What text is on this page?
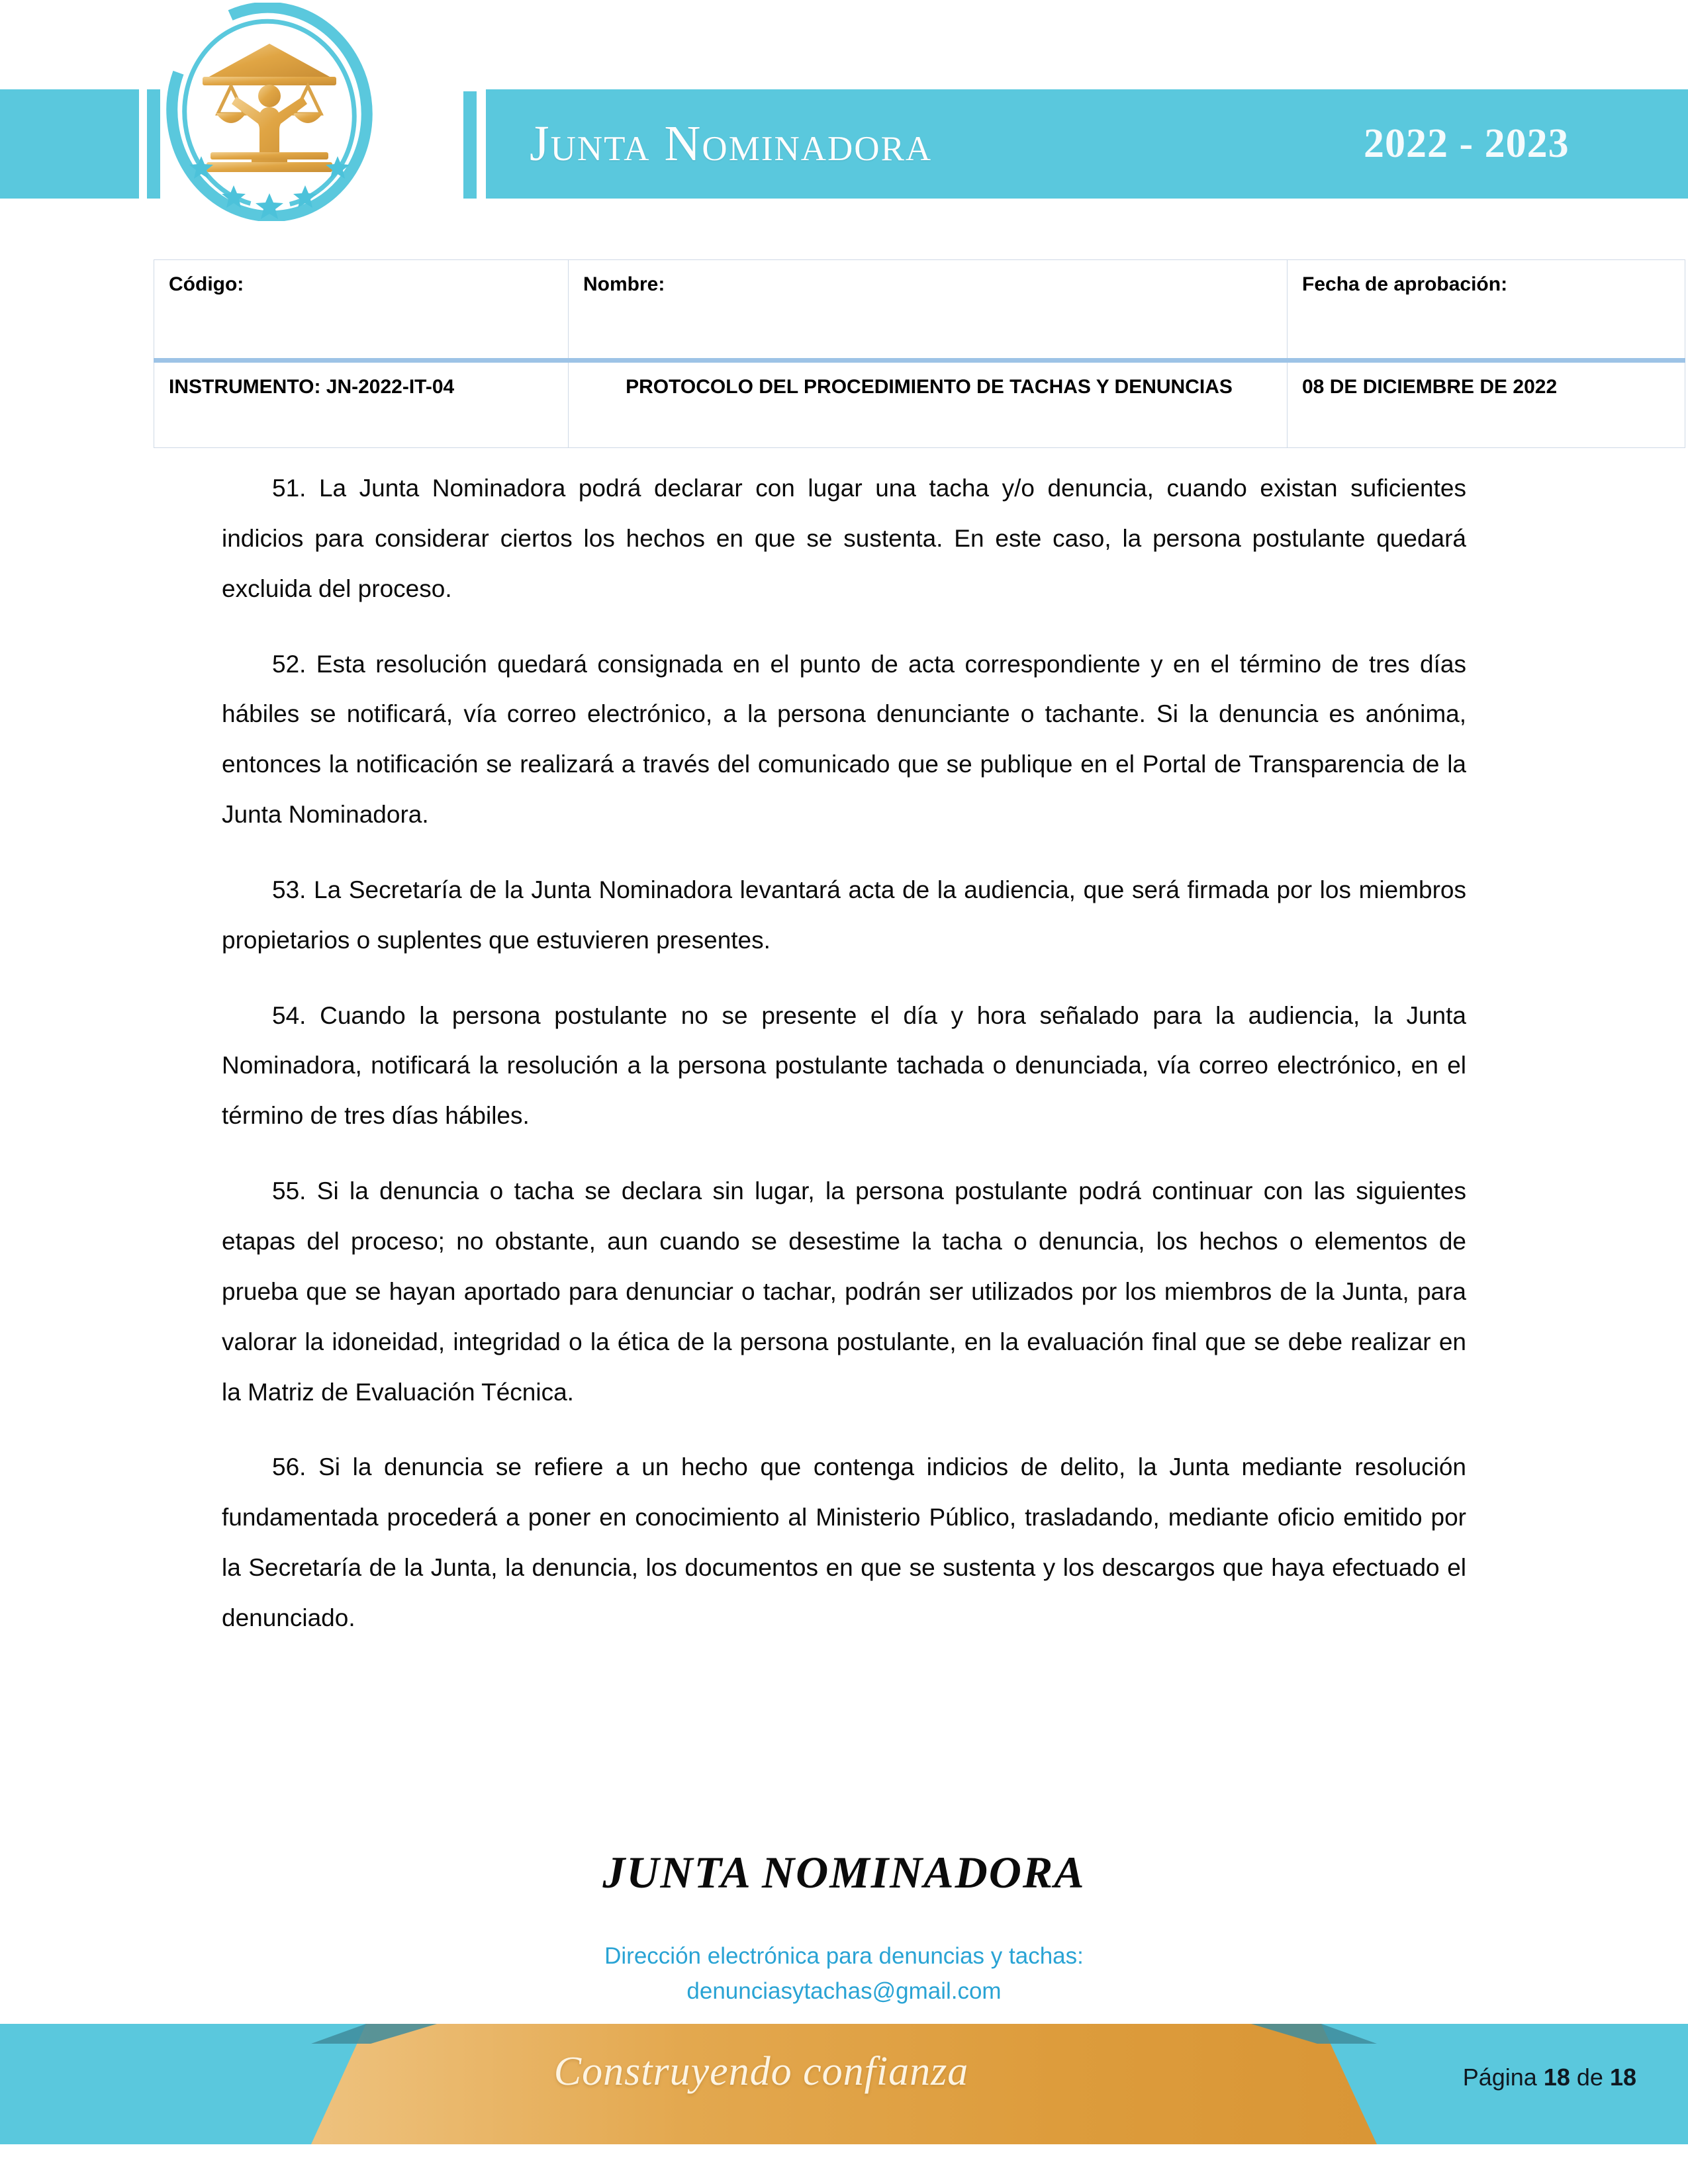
Junta Nominadora	2022 - 2023
Código:	Nombre:	Fecha de aprobación:
INSTRUMENTO: JN-2022-IT-04	PROTOCOLO DEL PROCEDIMIENTO DE TACHAS Y DENUNCIAS	08 DE DICIEMBRE DE 2022

51. La Junta Nominadora podrá declarar con lugar una tacha y/o denuncia, cuando existan suficientes indicios para considerar ciertos los hechos en que se sustenta. En este caso, la persona postulante quedará excluida del proceso.

52. Esta resolución quedará consignada en el punto de acta correspondiente y en el término de tres días hábiles se notificará, vía correo electrónico, a la persona denunciante o tachante. Si la denuncia es anónima, entonces la notificación se realizará a través del comunicado que se publique en el Portal de Transparencia de la Junta Nominadora.

53. La Secretaría de la Junta Nominadora levantará acta de la audiencia, que será firmada por los miembros propietarios o suplentes que estuvieren presentes.

54. Cuando la persona postulante no se presente el día y hora señalado para la audiencia, la Junta Nominadora, notificará la resolución a la persona postulante tachada o denunciada, vía correo electrónico, en el término de tres días hábiles.

55. Si la denuncia o tacha se declara sin lugar, la persona postulante podrá continuar con las siguientes etapas del proceso; no obstante, aun cuando se desestime la tacha o denuncia, los hechos o elementos de prueba que se hayan aportado para denunciar o tachar, podrán ser utilizados por los miembros de la Junta, para valorar la idoneidad, integridad o la ética de la persona postulante, en la evaluación final que se debe realizar en la Matriz de Evaluación Técnica.

56. Si la denuncia se refiere a un hecho que contenga indicios de delito, la Junta mediante resolución fundamentada procederá a poner en conocimiento al Ministerio Público, trasladando, mediante oficio emitido por la Secretaría de la Junta, la denuncia, los documentos en que se sustenta y los descargos que haya efectuado el denunciado.

JUNTA NOMINADORA
Dirección electrónica para denuncias y tachas:
denunciasytachas@gmail.com
Construyendo confianza	Página 18 de 18
